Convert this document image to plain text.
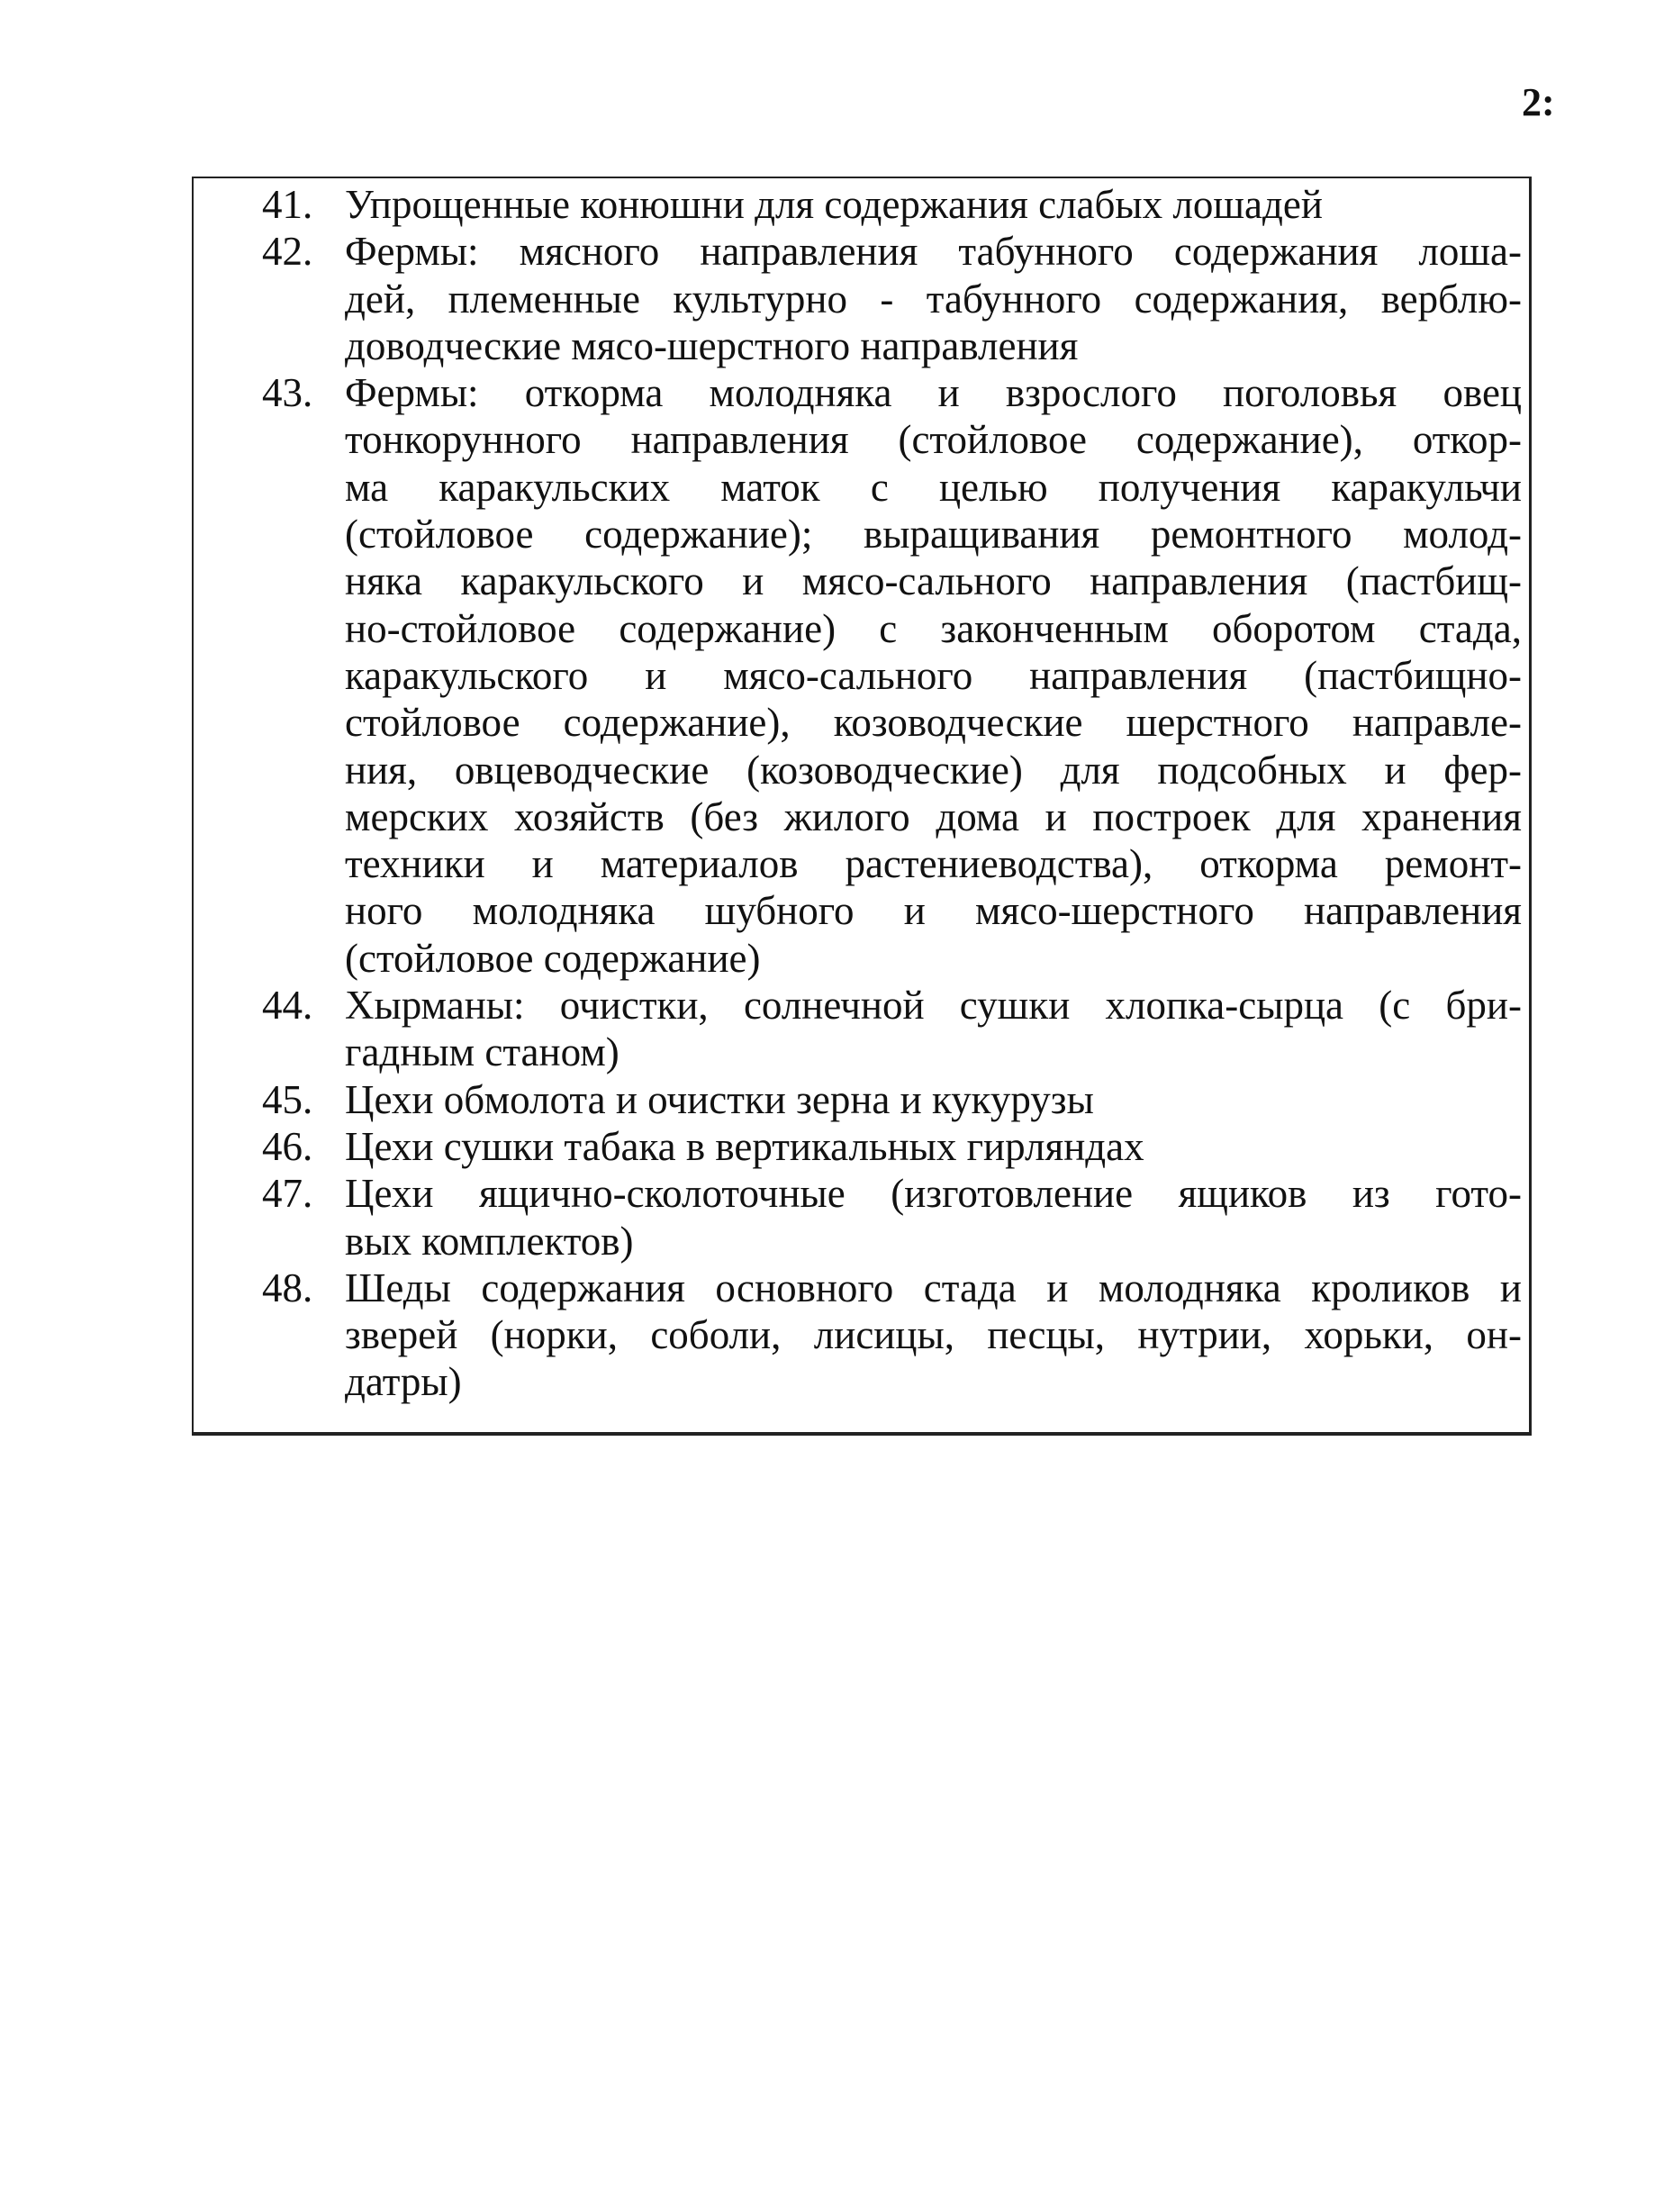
2:
41. Упрощенные конюшни для содержания слабых лошадей
42. Фермы: мясного направления табунного содержания лоша-
дей, племенные культурно - табунного содержания, верблю-
доводческие мясо-шерстного направления
43. Фермы: откорма молодняка и взрослого поголовья овец
тонкорунного направления (стойловое содержание), откор-
ма каракульских маток с целью получения каракульчи
(стойловое содержание); выращивания ремонтного молод-
няка каракульского и мясо-сального направления (пастбищ-
но-стойловое содержание) с законченным оборотом стада,
каракульского и мясо-сального направления (пастбищно-
стойловое содержание), козоводческие шерстного направле-
ния, овцеводческие (козоводческие) для подсобных и фер-
мерских хозяйств (без жилого дома и построек для хранения
техники и материалов растениеводства), откорма ремонт-
ного молодняка шубного и мясо-шерстного направления
(стойловое содержание)
44. Хырманы: очистки, солнечной сушки хлопка-сырца (с бри-
гадным станом)
45. Цехи обмолота и очистки зерна и кукурузы
46. Цехи сушки табака в вертикальных гирляндах
47. Цехи ящично-сколоточные (изготовление ящиков из гото-
вых комплектов)
48. Шеды содержания основного стада и молодняка кроликов и
зверей (норки, соболи, лисицы, песцы, нутрии, хорьки, он-
датры)
